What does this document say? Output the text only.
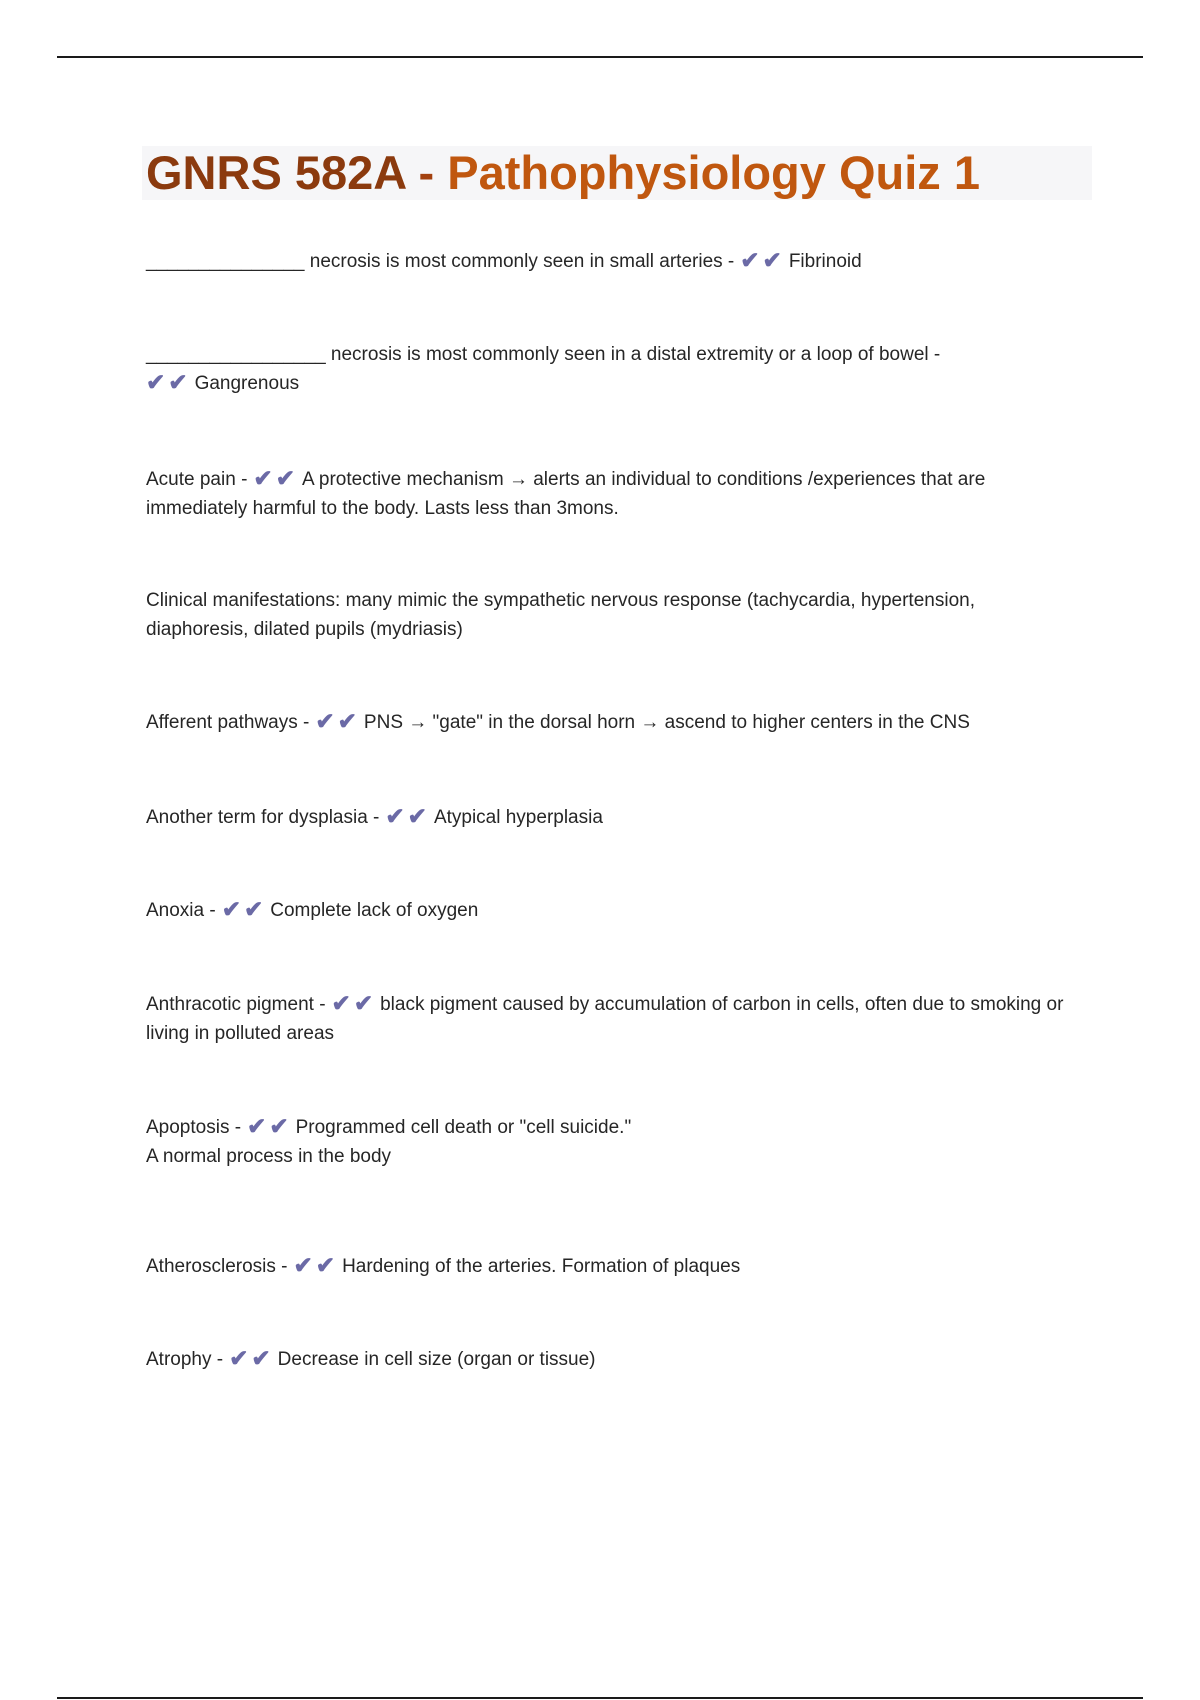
GNRS 582A - Pathophysiology Quiz 1

_______________ necrosis is most commonly seen in small arteries - ✔ ✔ Fibrinoid

_________________ necrosis is most commonly seen in a distal extremity or a loop of bowel -
✔ ✔ Gangrenous

Acute pain - ✔ ✔ A protective mechanism → alerts an individual to conditions /experiences that are immediately harmful to the body. Lasts less than 3mons.

Clinical manifestations: many mimic the sympathetic nervous response (tachycardia, hypertension, diaphoresis, dilated pupils (mydriasis)

Afferent pathways - ✔ ✔ PNS → "gate" in the dorsal horn → ascend to higher centers in the CNS

Another term for dysplasia - ✔ ✔ Atypical hyperplasia

Anoxia - ✔ ✔ Complete lack of oxygen

Anthracotic pigment - ✔ ✔ black pigment caused by accumulation of carbon in cells, often due to smoking or living in polluted areas

Apoptosis - ✔ ✔ Programmed cell death or "cell suicide."

A normal process in the body

Atherosclerosis - ✔ ✔ Hardening of the arteries. Formation of plaques

Atrophy - ✔ ✔ Decrease in cell size (organ or tissue)
